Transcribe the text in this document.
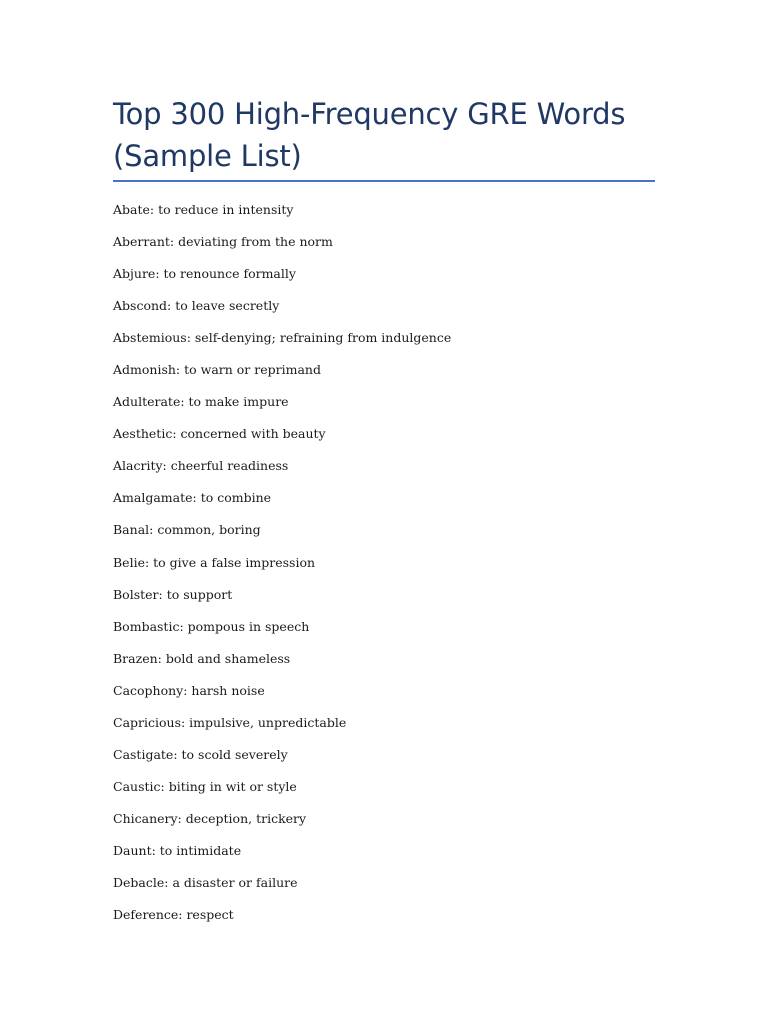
Top 300 High-Frequency GRE Words (Sample List)
Abate: to reduce in intensity
Aberrant: deviating from the norm
Abjure: to renounce formally
Abscond: to leave secretly
Abstemious: self-denying; refraining from indulgence
Admonish: to warn or reprimand
Adulterate: to make impure
Aesthetic: concerned with beauty
Alacrity: cheerful readiness
Amalgamate: to combine
Banal: common, boring
Belie: to give a false impression
Bolster: to support
Bombastic: pompous in speech
Brazen: bold and shameless
Cacophony: harsh noise
Capricious: impulsive, unpredictable
Castigate: to scold severely
Caustic: biting in wit or style
Chicanery: deception, trickery
Daunt: to intimidate
Debacle: a disaster or failure
Deference: respect
